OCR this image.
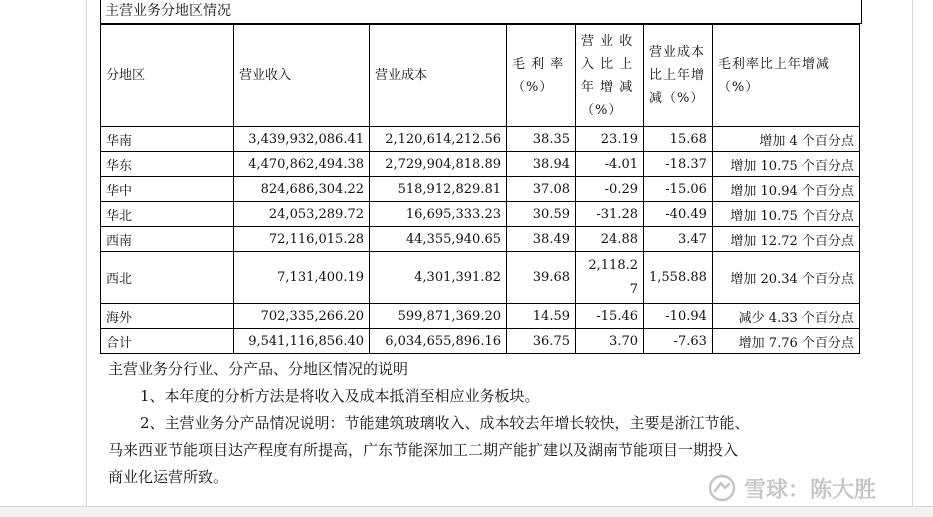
主营业务分地区情况
分地区	营业收入	营业成本	毛 利 率 （%）	营 业 收 入 比 上 年 增 减 （%）	营业成本比上年增减（%）	毛利率比上年增减（%）
华南	3,439,932,086.41	2,120,614,212.56	38.35	23.19	15.68	增加 4 个百分点
华东	4,470,862,494.38	2,729,904,818.89	38.94	-4.01	-18.37	增加 10.75 个百分点
华中	824,686,304.22	518,912,829.81	37.08	-0.29	-15.06	增加 10.94 个百分点
华北	24,053,289.72	16,695,333.23	30.59	-31.28	-40.49	增加 10.75 个百分点
西南	72,116,015.28	44,355,940.65	38.49	24.88	3.47	增加 12.72 个百分点
西北	7,131,400.19	4,301,391.82	39.68	2,118.27	1,558.88	增加 20.34 个百分点
海外	702,335,266.20	599,871,369.20	14.59	-15.46	-10.94	减少 4.33 个百分点
合计	9,541,116,856.40	6,034,655,896.16	36.75	3.70	-7.63	增加 7.76 个百分点

主营业务分行业、分产品、分地区情况的说明

1、本年度的分析方法是将收入及成本抵消至相应业务板块。

2、主营业务分产品情况说明：节能建筑玻璃收入、成本较去年增长较快，主要是浙江节能、

马来西亚节能项目达产程度有所提高，广东节能深加工二期产能扩建以及湖南节能项目一期投入

商业化运营所致。

雪球：陈大胜
